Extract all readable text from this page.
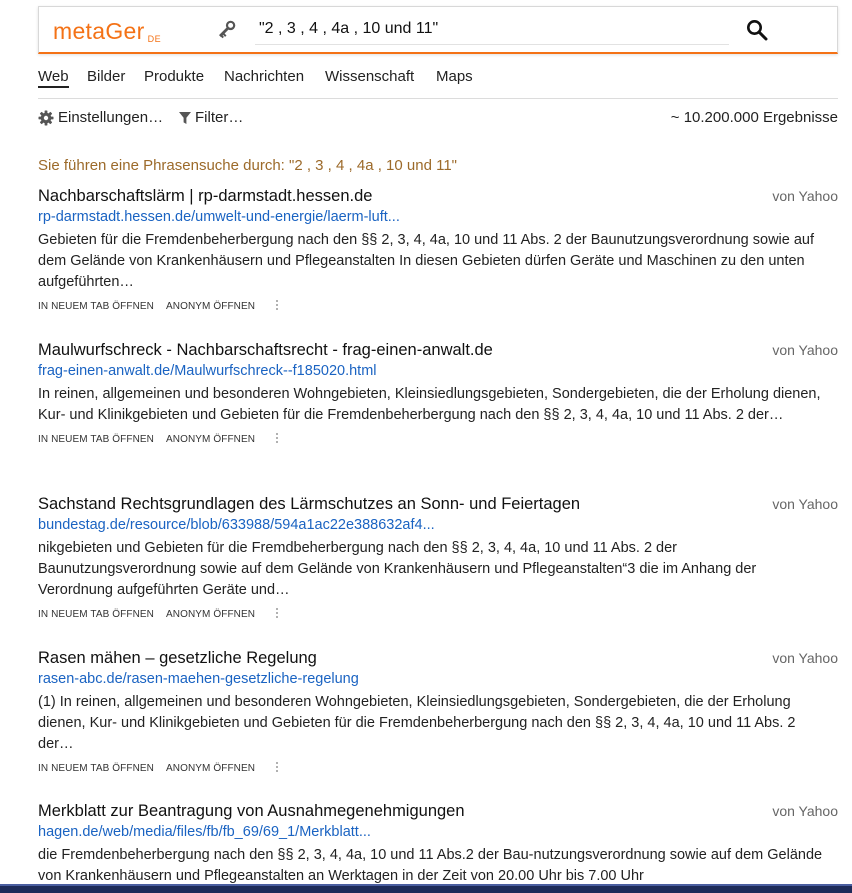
metaGer DE
"2 , 3 , 4 , 4a , 10 und 11"
Web Bilder Produkte Nachrichten Wissenschaft Maps
Einstellungen… Filter…	~ 10.200.000 Ergebnisse
Sie führen eine Phrasensuche durch: "2 , 3 , 4 , 4a , 10 und 11"
Nachbarschaftslärm | rp-darmstadt.hessen.de	von Yahoo
rp-darmstadt.hessen.de/umwelt-und-energie/laerm-luft...
Gebieten für die Fremdenbeherbergung nach den §§ 2, 3, 4, 4a, 10 und 11 Abs. 2 der Baunutzungsverordnung sowie auf dem Gelände von Krankenhäusern und Pflegeanstalten In diesen Gebieten dürfen Geräte und Maschinen zu den unten aufgeführten…
IN NEUEM TAB ÖFFNEN ANONYM ÖFFNEN
Maulwurfschreck - Nachbarschaftsrecht - frag-einen-anwalt.de	von Yahoo
frag-einen-anwalt.de/Maulwurfschreck--f185020.html
In reinen, allgemeinen und besonderen Wohngebieten, Kleinsiedlungsgebieten, Sondergebieten, die der Erholung dienen, Kur- und Klinikgebieten und Gebieten für die Fremdenbeherbergung nach den §§ 2, 3, 4, 4a, 10 und 11 Abs. 2 der…
IN NEUEM TAB ÖFFNEN ANONYM ÖFFNEN
Sachstand Rechtsgrundlagen des Lärmschutzes an Sonn- und Feiertagen	von Yahoo
bundestag.de/resource/blob/633988/594a1ac22e388632af4...
nikgebieten und Gebieten für die Fremdbeherbergung nach den §§ 2, 3, 4, 4a, 10 und 11 Abs. 2 der Baunutzungsverordnung sowie auf dem Gelände von Krankenhäusern und Pflegeanstalten“3 die im Anhang der Verordnung aufgeführten Geräte und…
IN NEUEM TAB ÖFFNEN ANONYM ÖFFNEN
Rasen mähen – gesetzliche Regelung	von Yahoo
rasen-abc.de/rasen-maehen-gesetzliche-regelung
(1) In reinen, allgemeinen und besonderen Wohngebieten, Kleinsiedlungsgebieten, Sondergebieten, die der Erholung dienen, Kur- und Klinikgebieten und Gebieten für die Fremdenbeherbergung nach den §§ 2, 3, 4, 4a, 10 und 11 Abs. 2 der…
IN NEUEM TAB ÖFFNEN ANONYM ÖFFNEN
Merkblatt zur Beantragung von Ausnahmegenehmigungen	von Yahoo
hagen.de/web/media/files/fb/fb_69/69_1/Merkblatt...
die Fremdenbeherbergung nach den §§ 2, 3, 4, 4a, 10 und 11 Abs.2 der Bau-nutzungsverordnung sowie auf dem Gelände von Krankenhäusern und Pflegeanstalten an Werktagen in der Zeit von 20.00 Uhr bis 7.00 Uhr
